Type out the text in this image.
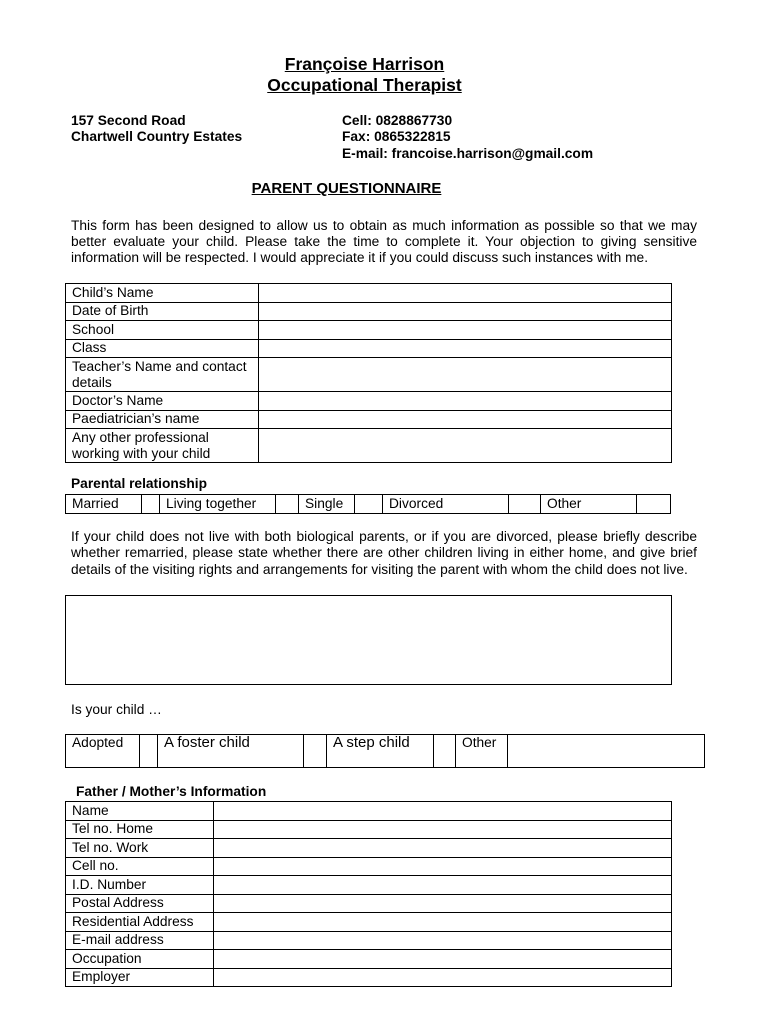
Françoise Harrison
Occupational Therapist
157 Second Road
Chartwell Country Estates
Cell: 0828867730
Fax: 0865322815
E-mail: francoise.harrison@gmail.com
PARENT QUESTIONNAIRE
This form has been designed to allow us to obtain as much information as possible so that we may better evaluate your child. Please take the time to complete it. Your objection to giving sensitive information will be respected. I would appreciate it if you could discuss such instances with me.
Child’s Name	
Date of Birth	
School	
Class	
Teacher’s Name and contact details	
Doctor’s Name	
Paediatrician’s name	
Any other professional working with your child	
Parental relationship
Married		Living together		Single		Divorced		Other	
If your child does not live with both biological parents, or if you are divorced, please briefly describe whether remarried, please state whether there are other children living in either home, and give brief details of the visiting rights and arrangements for visiting the parent with whom the child does not live.
Is your child …
Adopted		A foster child		A step child		Other	
Father / Mother’s Information
Name	
Tel no. Home	
Tel no. Work	
Cell no.	
I.D. Number	
Postal Address	
Residential Address	
E-mail address	
Occupation	
Employer	
